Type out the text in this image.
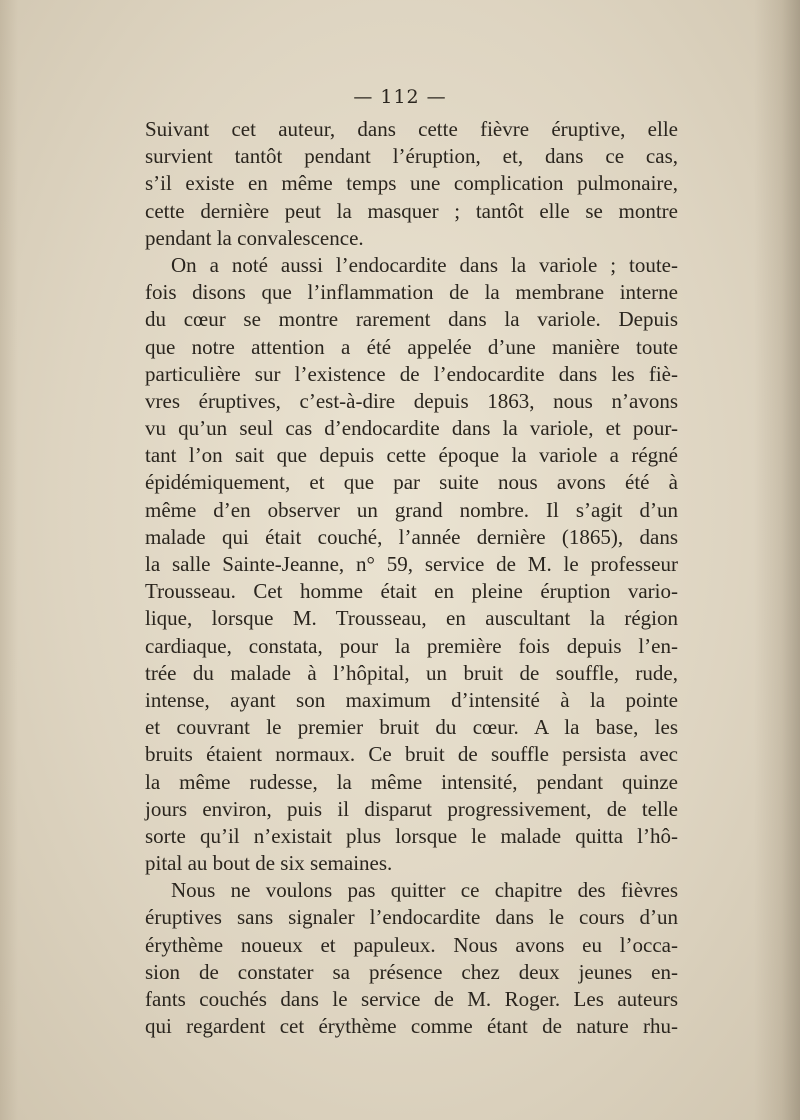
— 112 —
Suivant cet auteur, dans cette fièvre éruptive, elle
survient tantôt pendant l’éruption, et, dans ce cas,
s’il existe en même temps une complication pulmonaire,
cette dernière peut la masquer ; tantôt elle se montre
pendant la convalescence.
On a noté aussi l’endocardite dans la variole ; toute-
fois disons que l’inflammation de la membrane interne
du cœur se montre rarement dans la variole. Depuis
que notre attention a été appelée d’une manière toute
particulière sur l’existence de l’endocardite dans les fiè-
vres éruptives, c’est-à-dire depuis 1863, nous n’avons
vu qu’un seul cas d’endocardite dans la variole, et pour-
tant l’on sait que depuis cette époque la variole a régné
épidémiquement, et que par suite nous avons été à
même d’en observer un grand nombre. Il s’agit d’un
malade qui était couché, l’année dernière (1865), dans
la salle Sainte-Jeanne, n° 59, service de M. le professeur
Trousseau. Cet homme était en pleine éruption vario-
lique, lorsque M. Trousseau, en auscultant la région
cardiaque, constata, pour la première fois depuis l’en-
trée du malade à l’hôpital, un bruit de souffle, rude,
intense, ayant son maximum d’intensité à la pointe
et couvrant le premier bruit du cœur. A la base, les
bruits étaient normaux. Ce bruit de souffle persista avec
la même rudesse, la même intensité, pendant quinze
jours environ, puis il disparut progressivement, de telle
sorte qu’il n’existait plus lorsque le malade quitta l’hô-
pital au bout de six semaines.
Nous ne voulons pas quitter ce chapitre des fièvres
éruptives sans signaler l’endocardite dans le cours d’un
érythème noueux et papuleux. Nous avons eu l’occa-
sion de constater sa présence chez deux jeunes en-
fants couchés dans le service de M. Roger. Les auteurs
qui regardent cet érythème comme étant de nature rhu-
